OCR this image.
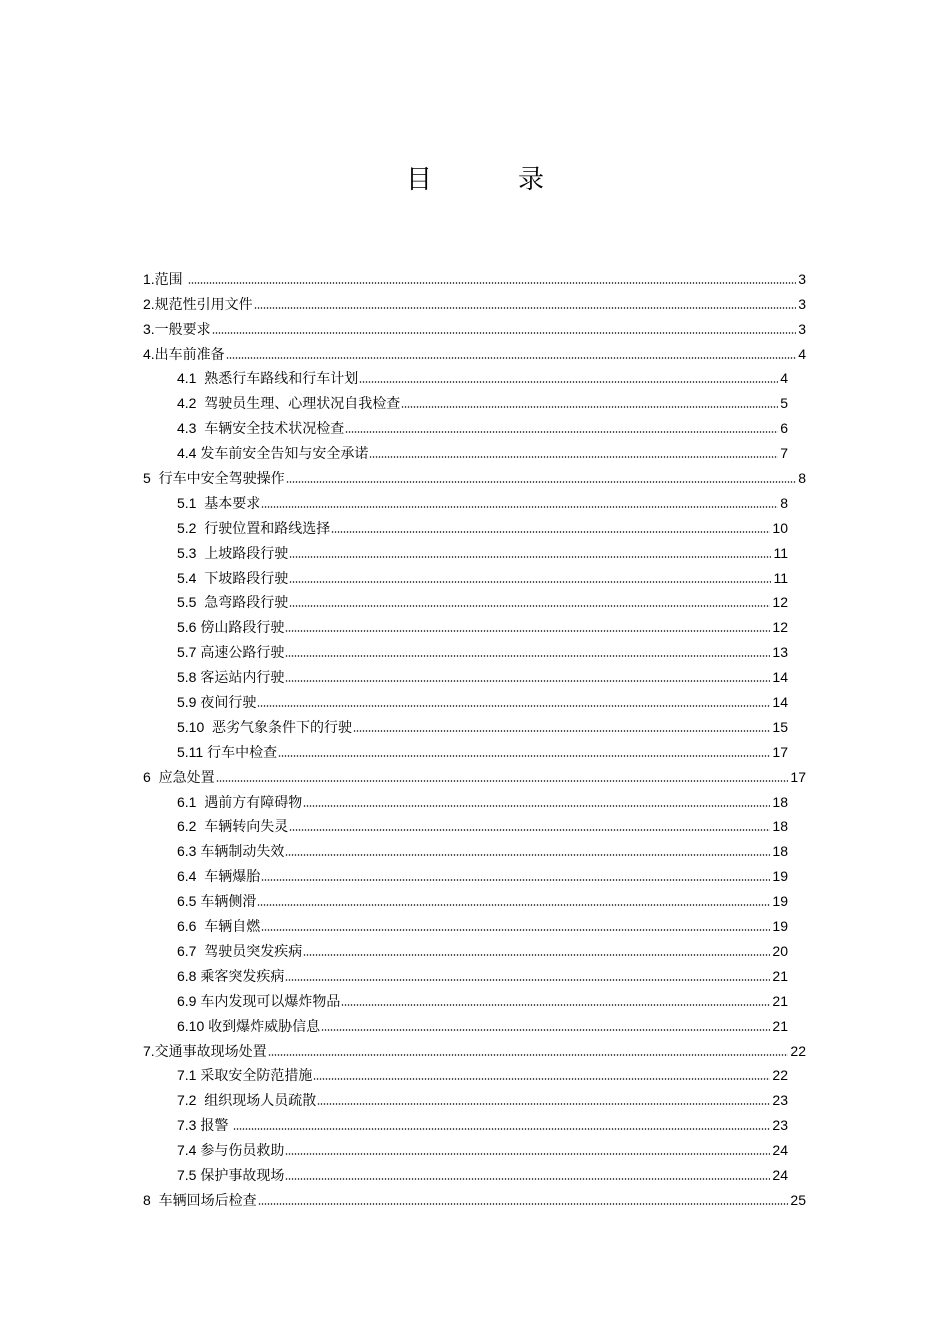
目　录
1.范围	3
2.规范性引用文件	3
3.一般要求	3
4.出车前准备	4
4.1  熟悉行车路线和行车计划	4
4.2  驾驶员生理、心理状况自我检查	5
4.3  车辆安全技术状况检查	6
4.4 发车前安全告知与安全承诺	7
5  行车中安全驾驶操作	8
5.1  基本要求	8
5.2  行驶位置和路线选择	10
5.3  上坡路段行驶	11
5.4  下坡路段行驶	11
5.5  急弯路段行驶	12
5.6 傍山路段行驶	12
5.7 高速公路行驶	13
5.8 客运站内行驶	14
5.9 夜间行驶	14
5.10  恶劣气象条件下的行驶	15
5.11 行车中检查	17
6  应急处置	17
6.1  遇前方有障碍物	18
6.2  车辆转向失灵	18
6.3 车辆制动失效	18
6.4  车辆爆胎	19
6.5 车辆侧滑	19
6.6  车辆自燃	19
6.7  驾驶员突发疾病	20
6.8 乘客突发疾病	21
6.9 车内发现可以爆炸物品	21
6.10 收到爆炸威胁信息	21
7.交通事故现场处置	22
7.1 采取安全防范措施	22
7.2  组织现场人员疏散	23
7.3 报警	23
7.4 参与伤员救助	24
7.5 保护事故现场	24
8  车辆回场后检查	25
